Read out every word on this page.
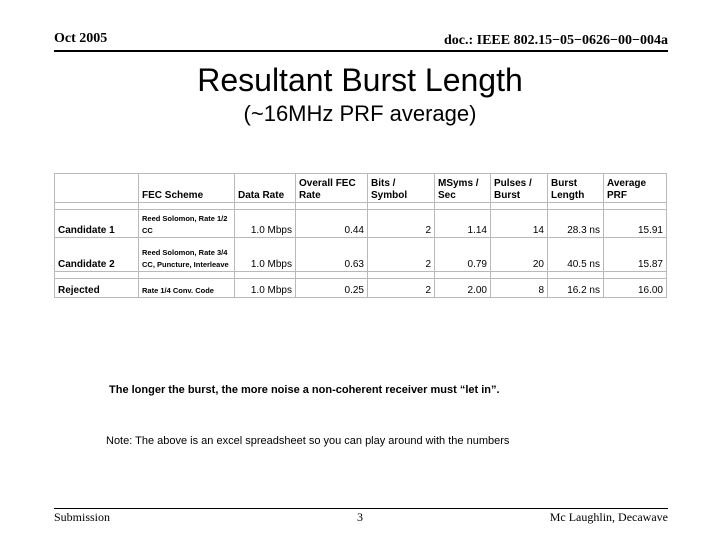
Oct 2005	doc.: IEEE 802.15−05−0626−00−004a
Resultant Burst Length
(~16MHz PRF average)
	FEC Scheme	Data Rate	Overall FEC Rate	Bits / Symbol	MSyms / Sec	Pulses / Burst	Burst Length	Average PRF

Candidate 1	Reed Solomon, Rate 1/2 CC	1.0 Mbps	0.44	2	1.14	14	28.3 ns	15.91
Candidate 2	Reed Solomon, Rate 3/4 CC, Puncture, Interleave	1.0 Mbps	0.63	2	0.79	20	40.5 ns	15.87

Rejected	Rate 1/4 Conv. Code	1.0 Mbps	0.25	2	2.00	8	16.2 ns	16.00
The longer the burst, the more noise a non-coherent receiver must “let in”.
Note: The above is an excel spreadsheet so you can play around with the numbers
Submission	3	Mc Laughlin, Decawave
